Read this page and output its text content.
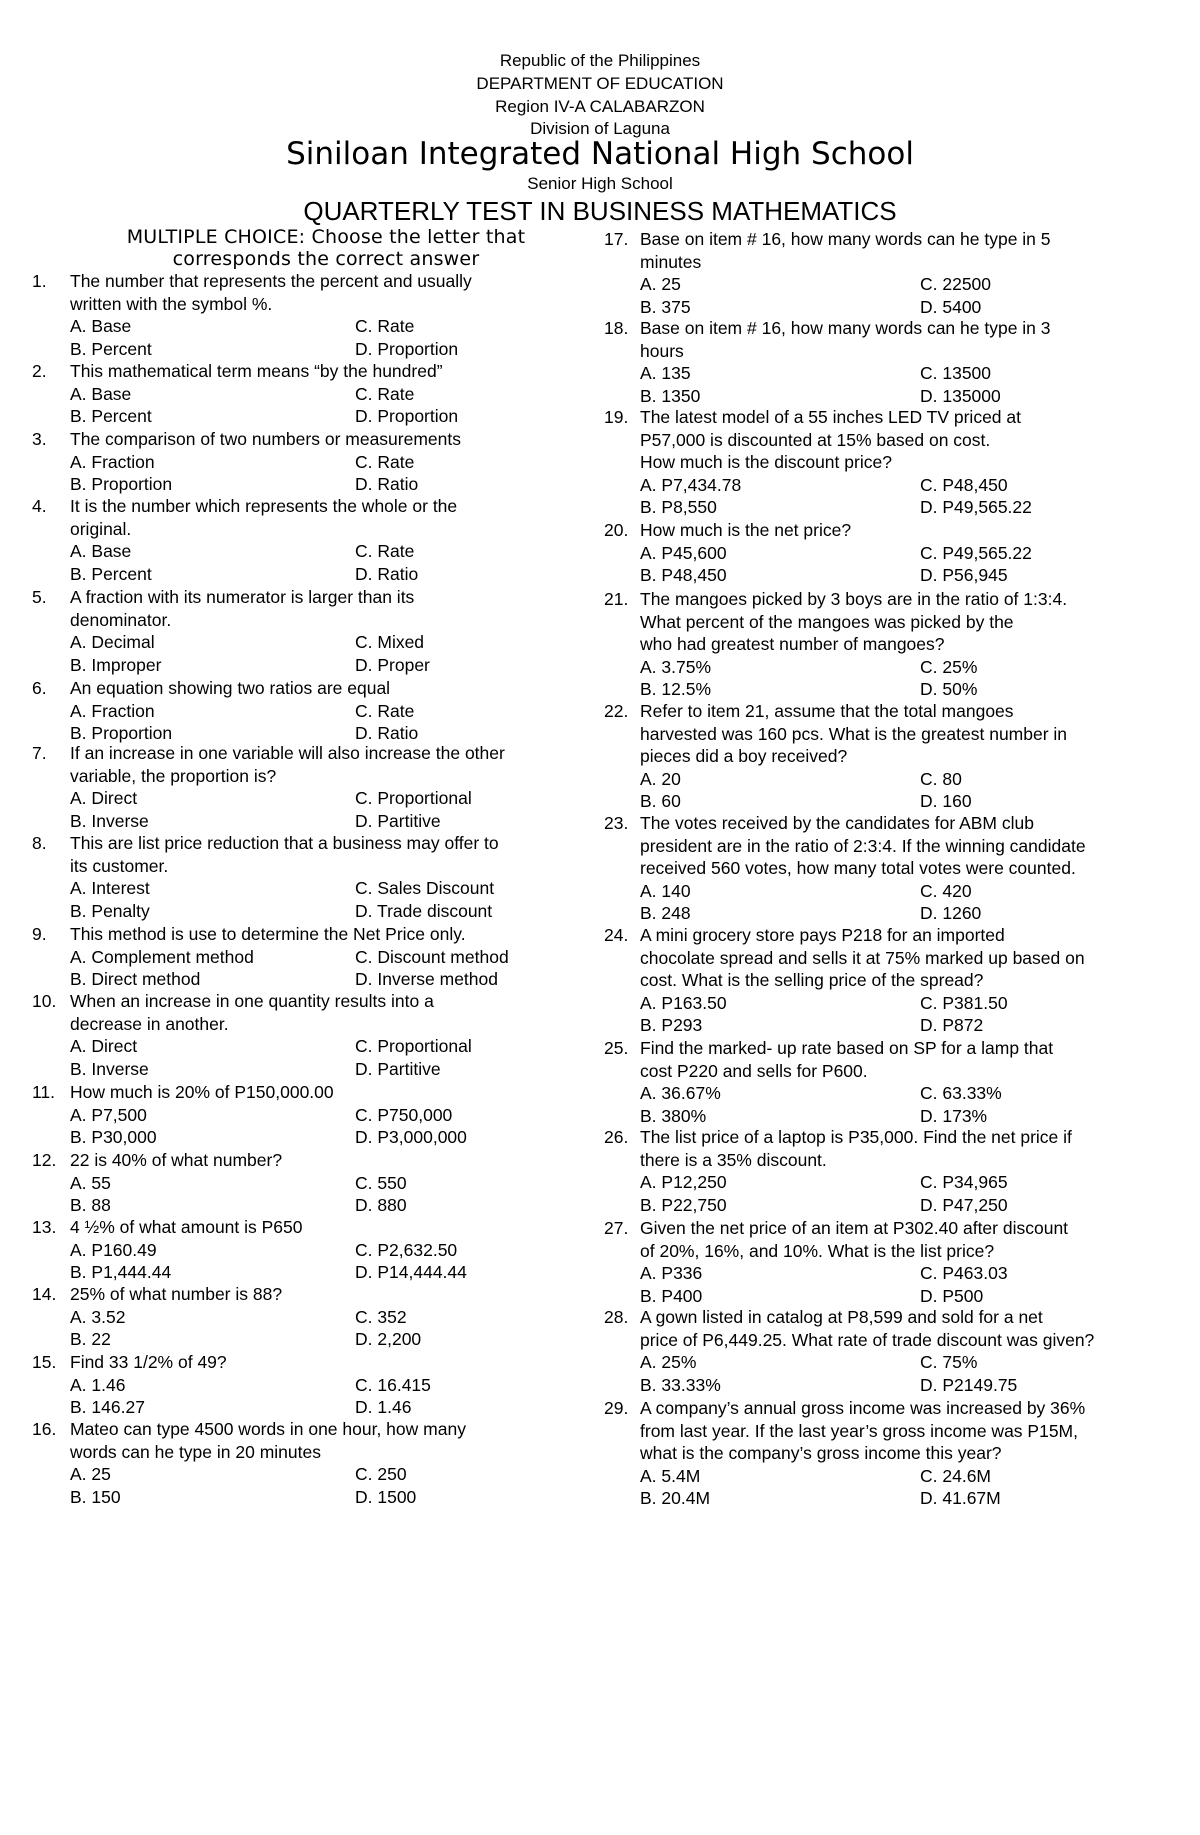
Republic of the Philippines
DEPARTMENT OF EDUCATION
Region IV-A CALABARZON
Division of Laguna
Siniloan Integrated National High School
Senior High School
QUARTERLY TEST IN BUSINESS MATHEMATICS
MULTIPLE CHOICE: Choose the letter that
corresponds the correct answer
1. The number that represents the percent and usually
written with the symbol %.
A. Base	C. Rate
B. Percent	D. Proportion
2. This mathematical term means “by the hundred”
A. Base	C. Rate
B. Percent	D. Proportion
3. The comparison of two numbers or measurements
A. Fraction	C. Rate
B. Proportion	D. Ratio
4. It is the number which represents the whole or the
original.
A. Base	C. Rate
B. Percent	D. Ratio
5. A fraction with its numerator is larger than its
denominator.
A. Decimal	C. Mixed
B. Improper	D. Proper
6. An equation showing two ratios are equal
A. Fraction	C. Rate
B. Proportion	D. Ratio
7. If an increase in one variable will also increase the other
variable, the proportion is?
A. Direct	C. Proportional
B. Inverse	D. Partitive
8. This are list price reduction that a business may offer to
its customer.
A. Interest	C. Sales Discount
B. Penalty	D. Trade discount
9. This method is use to determine the Net Price only.
A. Complement method	C. Discount method
B. Direct method	D. Inverse method
10. When an increase in one quantity results into a
decrease in another.
A. Direct	C. Proportional
B. Inverse	D. Partitive
11. How much is 20% of P150,000.00
A. P7,500	C. P750,000
B. P30,000	D. P3,000,000
12. 22 is 40% of what number?
A. 55	C. 550
B. 88	D. 880
13. 4 ½% of what amount is P650
A. P160.49	C. P2,632.50
B. P1,444.44	D. P14,444.44
14. 25% of what number is 88?
A. 3.52	C. 352
B. 22	D. 2,200
15. Find 33 1/2% of 49?
A. 1.46	C. 16.415
B. 146.27	D. 1.46
16. Mateo can type 4500 words in one hour, how many
words can he type in 20 minutes
A. 25	C. 250
B. 150	D. 1500
17. Base on item # 16, how many words can he type in 5
minutes
A. 25	C. 22500
B. 375	D. 5400
18. Base on item # 16, how many words can he type in 3
hours
A. 135	C. 13500
B. 1350	D. 135000
19. The latest model of a 55 inches LED TV priced at
P57,000 is discounted at 15% based on cost.
How much is the discount price?
A. P7,434.78	C. P48,450
B. P8,550	D. P49,565.22
20. How much is the net price?
A. P45,600	C. P49,565.22
B. P48,450	D. P56,945
21. The mangoes picked by 3 boys are in the ratio of 1:3:4.
What percent of the mangoes was picked by the
who had greatest number of mangoes?
A. 3.75%	C. 25%
B. 12.5%	D. 50%
22. Refer to item 21, assume that the total mangoes
harvested was 160 pcs. What is the greatest number in
pieces did a boy received?
A. 20	C. 80
B. 60	D. 160
23. The votes received by the candidates for ABM club
president are in the ratio of 2:3:4. If the winning candidate
received 560 votes, how many total votes were counted.
A. 140	C. 420
B. 248	D. 1260
24. A mini grocery store pays P218 for an imported
chocolate spread and sells it at 75% marked up based on
cost. What is the selling price of the spread?
A. P163.50	C. P381.50
B. P293	D. P872
25. Find the marked- up rate based on SP for a lamp that
cost P220 and sells for P600.
A. 36.67%	C. 63.33%
B. 380%	D. 173%
26. The list price of a laptop is P35,000. Find the net price if
there is a 35% discount.
A. P12,250	C. P34,965
B. P22,750	D. P47,250
27. Given the net price of an item at P302.40 after discount
of 20%, 16%, and 10%. What is the list price?
A. P336	C. P463.03
B. P400	D. P500
28. A gown listed in catalog at P8,599 and sold for a net
price of P6,449.25. What rate of trade discount was given?
A. 25%	C. 75%
B. 33.33%	D. P2149.75
29. A company’s annual gross income was increased by 36%
from last year. If the last year’s gross income was P15M,
what is the company’s gross income this year?
A. 5.4M	C. 24.6M
B. 20.4M	D. 41.67M
